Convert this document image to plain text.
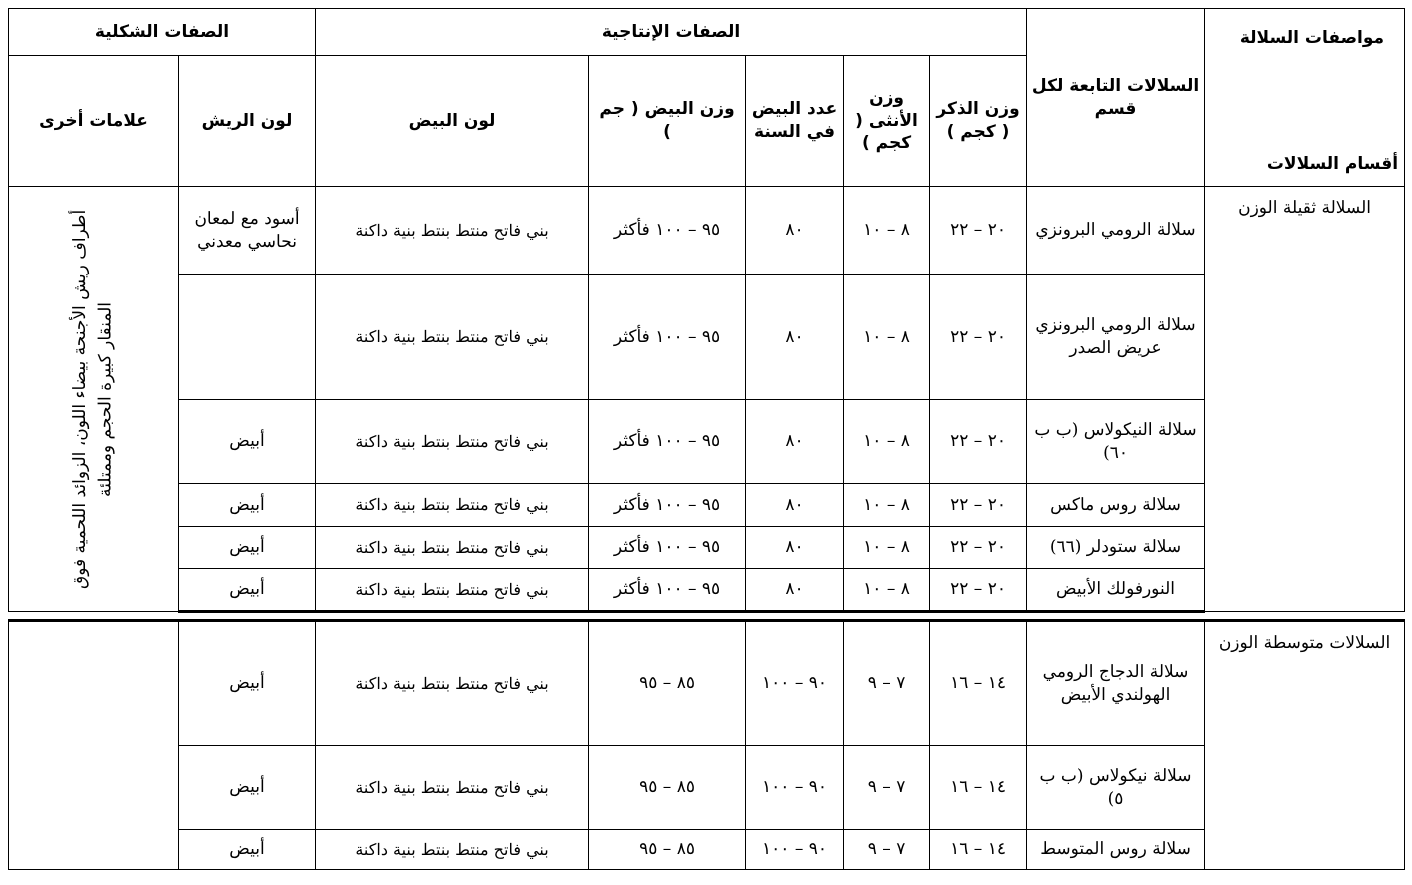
مواصفات السلالة
أقسام السلالات	السلالات التابعة لكل قسم	الصفات الإنتاجية					الصفات الشكلية	
		وزن الذكر ( كجم )	وزن الأنثى ( كجم )	عدد البيض في السنة	وزن البيض ( جم )	لون البيض	لون الريش	علامات أخرى
السلالة ثقيلة الوزن	سلالة الرومي البرونزي	٢٠ – ٢٢	٨ – ١٠	٨٠	٩٥ – ١٠٠ فأكثر	بني فاتح منتط بنتط بنية داكنة	أسود مع لمعان نحاسي معدني	أطراف ريش الأجنحة بيضاء اللون، الزوائد اللحمية فوق المنقار كبيرة الحجم وممتلئة

	سلالة الرومي البرونزي عريض الصدر	٢٠ – ٢٢	٨ – ١٠	٨٠	٩٥ – ١٠٠ فأكثر	بني فاتح منتط بنتط بنية داكنة		
	سلالة النيكولاس (ب ب ٦٠)	٢٠ – ٢٢	٨ – ١٠	٨٠	٩٥ – ١٠٠ فأكثر	بني فاتح منتط بنتط بنية داكنة	أبيض	
	سلالة روس ماكس	٢٠ – ٢٢	٨ – ١٠	٨٠	٩٥ – ١٠٠ فأكثر	بني فاتح منتط بنتط بنية داكنة	أبيض	
	سلالة ستودلر (٦٦)	٢٠ – ٢٢	٨ – ١٠	٨٠	٩٥ – ١٠٠ فأكثر	بني فاتح منتط بنتط بنية داكنة	أبيض	
	النورفولك الأبيض	٢٠ – ٢٢	٨ – ١٠	٨٠	٩٥ – ١٠٠ فأكثر	بني فاتح منتط بنتط بنية داكنة	أبيض	

السلالات متوسطة الوزن	سلالة الدجاج الرومي الهولندي الأبيض	١٤ – ١٦	٧ – ٩	٩٠ – ١٠٠	٨٥ – ٩٥	بني فاتح منتط بنتط بنية داكنة	أبيض	
	سلالة نيكولاس (ب ب ٥)	١٤ – ١٦	٧ – ٩	٩٠ – ١٠٠	٨٥ – ٩٥	بني فاتح منتط بنتط بنية داكنة	أبيض	
	سلالة روس المتوسط	١٤ – ١٦	٧ – ٩	٩٠ – ١٠٠	٨٥ – ٩٥	بني فاتح منتط بنتط بنية داكنة	أبيض	
